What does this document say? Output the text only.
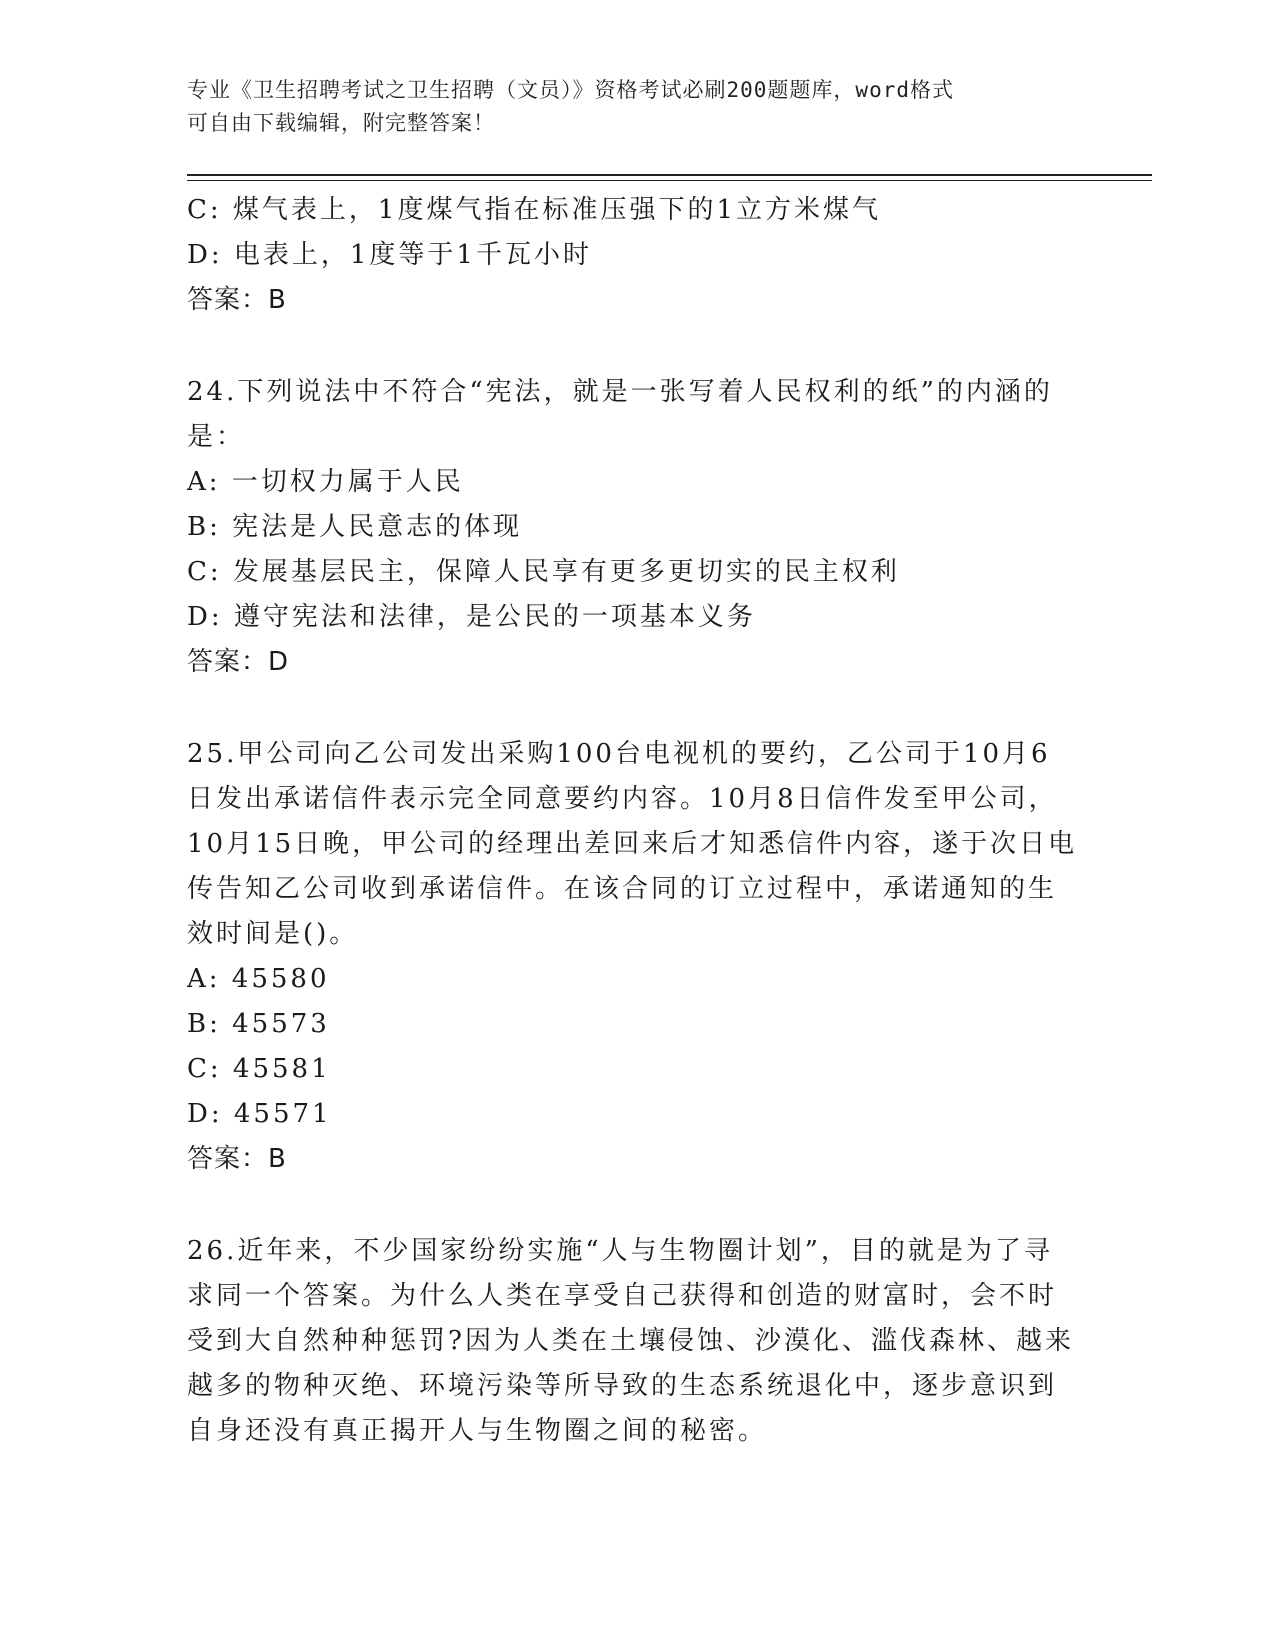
专业《卫生招聘考试之卫生招聘（文员）》资格考试必刷200题题库，word格式
可自由下载编辑，附完整答案！
C: 煤气表上，1度煤气指在标准压强下的1立方米煤气
D: 电表上，1度等于1千瓦小时
答案：B
24.下列说法中不符合“宪法，就是一张写着人民权利的纸”的内涵的
是：
A: 一切权力属于人民
B: 宪法是人民意志的体现
C: 发展基层民主，保障人民享有更多更切实的民主权利
D: 遵守宪法和法律，是公民的一项基本义务
答案：D
25.甲公司向乙公司发出采购100台电视机的要约，乙公司于10月6
日发出承诺信件表示完全同意要约内容。10月8日信件发至甲公司，
10月15日晚，甲公司的经理出差回来后才知悉信件内容，遂于次日电
传告知乙公司收到承诺信件。在该合同的订立过程中，承诺通知的生
效时间是()。
A: 45580
B: 45573
C: 45581
D: 45571
答案：B
26.近年来，不少国家纷纷实施“人与生物圈计划”，目的就是为了寻
求同一个答案。为什么人类在享受自己获得和创造的财富时，会不时
受到大自然种种惩罚?因为人类在土壤侵蚀、沙漠化、滥伐森林、越来
越多的物种灭绝、环境污染等所导致的生态系统退化中，逐步意识到
自身还没有真正揭开人与生物圈之间的秘密。
